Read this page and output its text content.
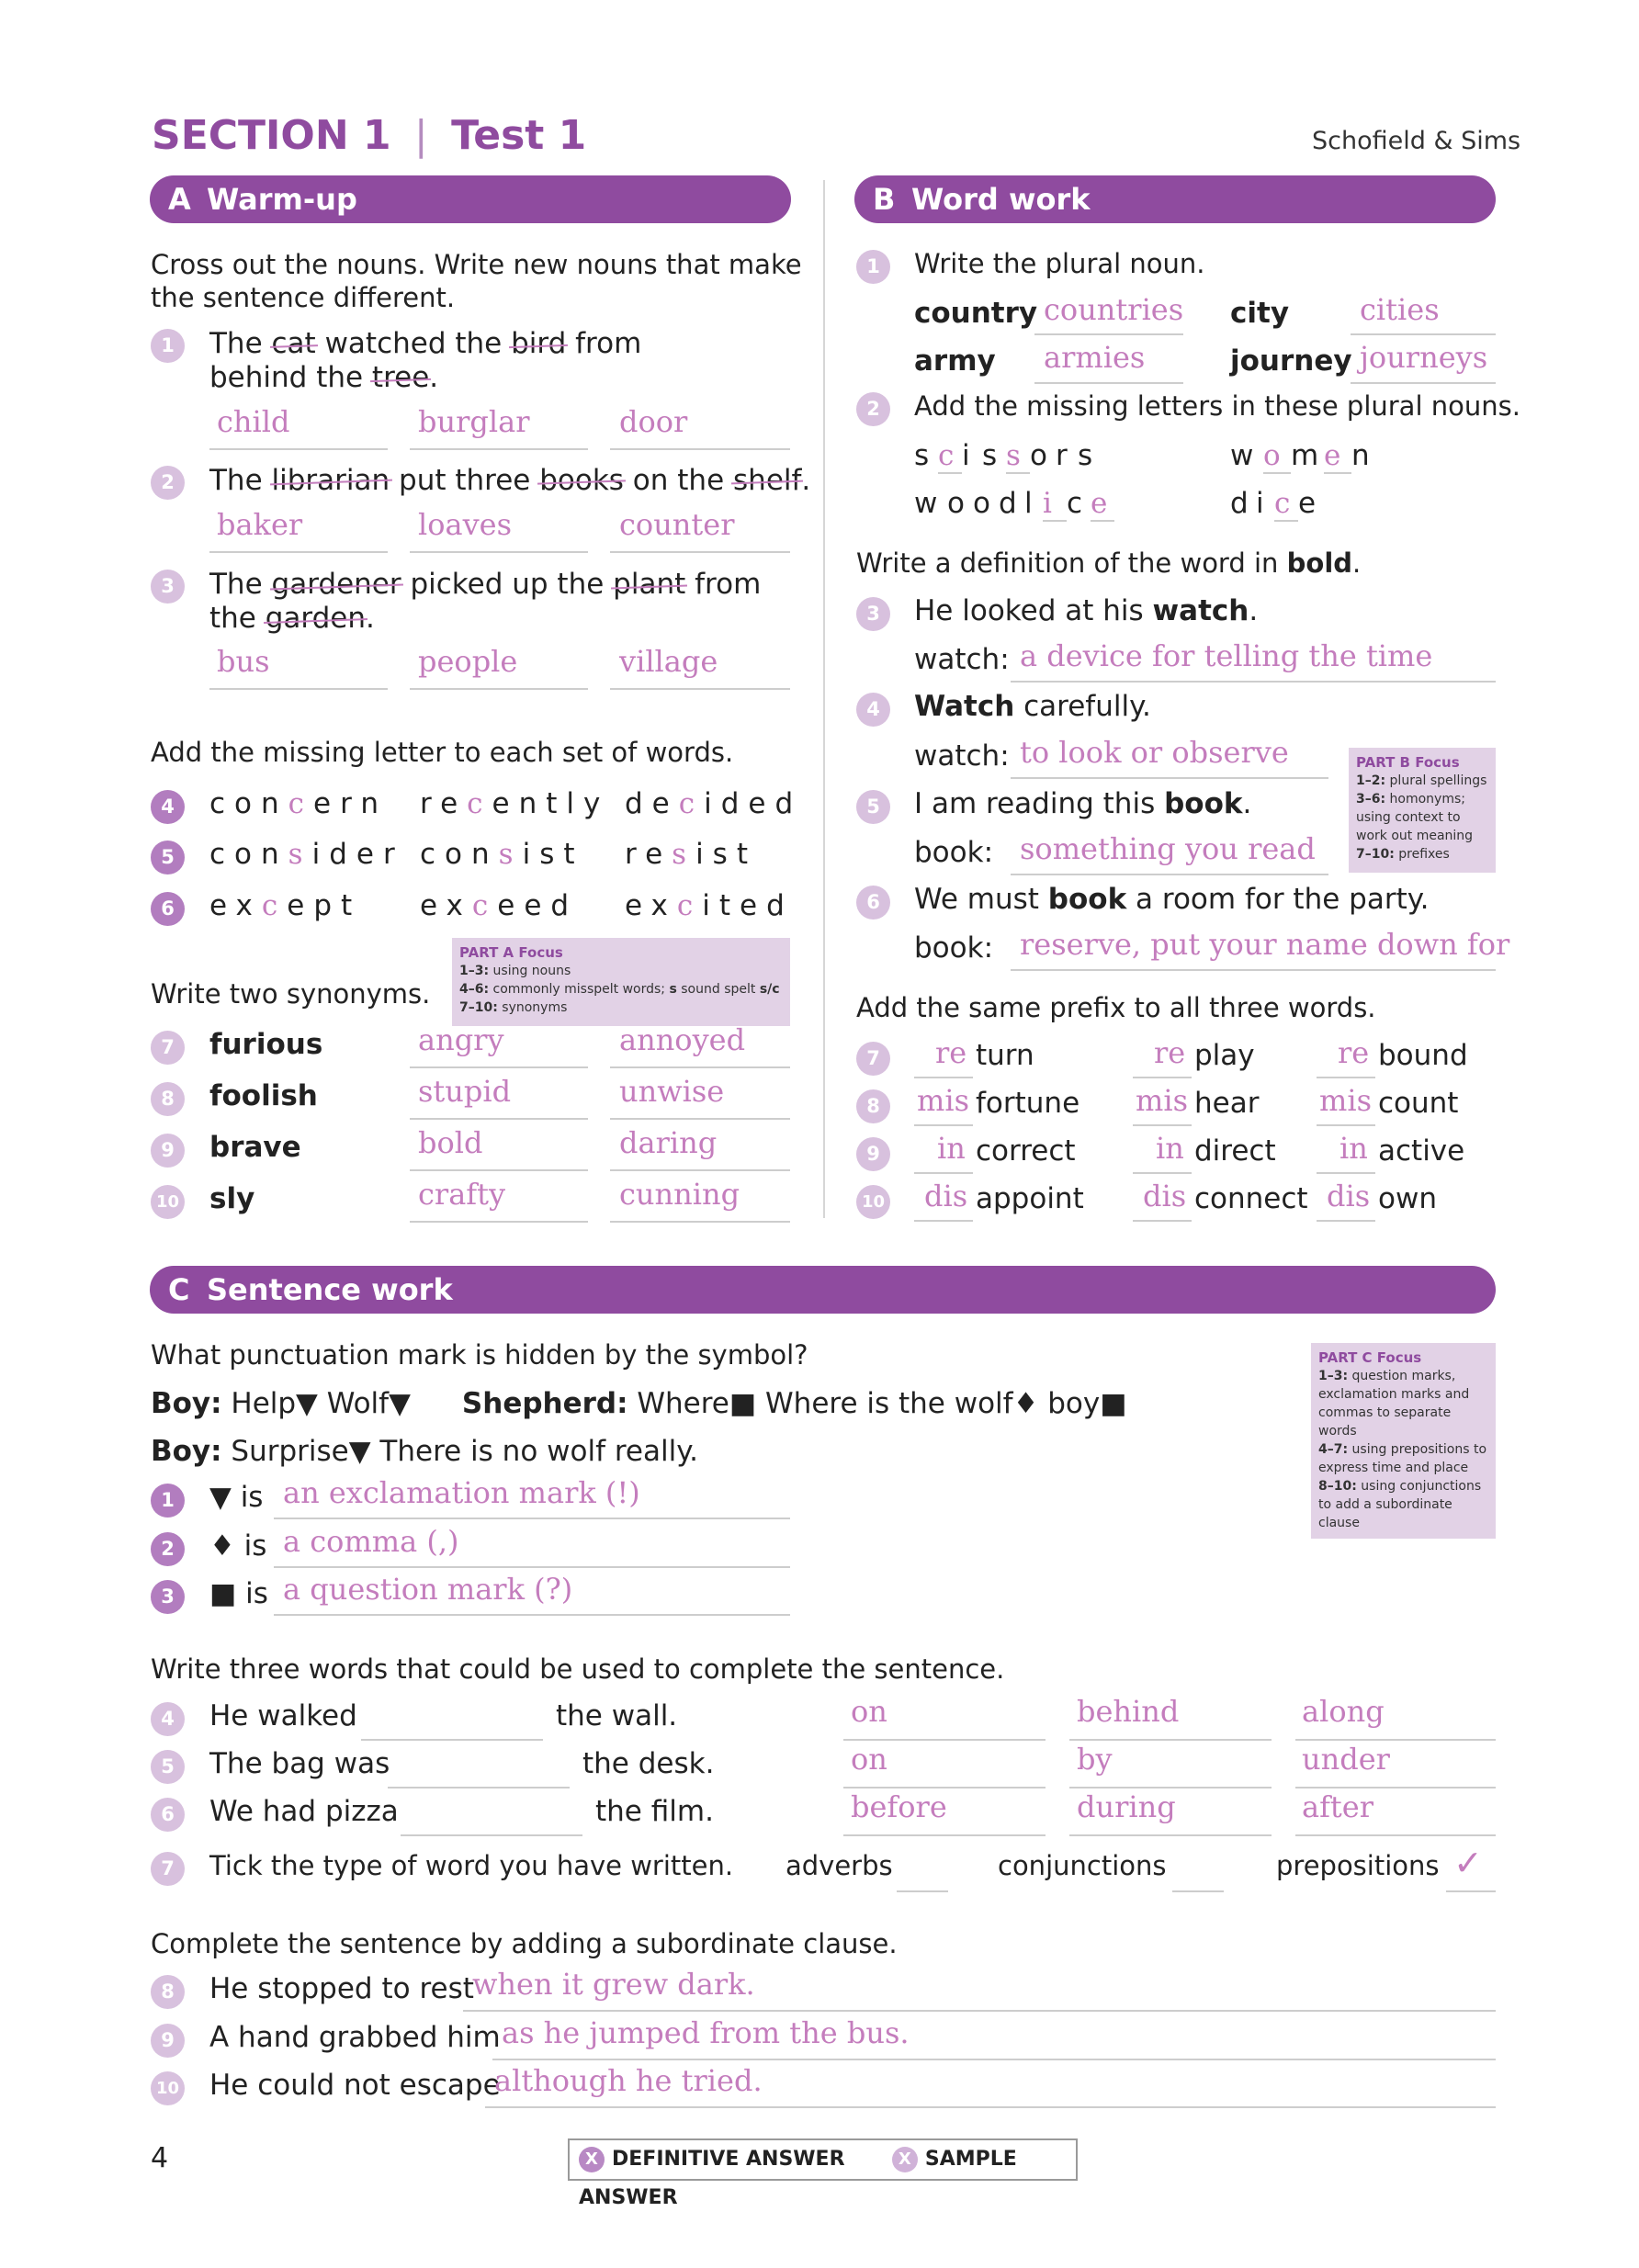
SECTION 1 | Test 1	Schofield & Sims
A Warm-up
Cross out the nouns. Write new nouns that make
the sentence different.
1	The cat watched the bird from
behind the tree.
child	burglar	door
2	The librarian put three books on the shelf.
baker	loaves	counter
3	The gardener picked up the plant from
the garden.
bus	people	village
Add the missing letter to each set of words.
4	concern recently decided
5	consider consist resist
6	except exceed excited
PART A Focus
1–3: using nouns
4–6: commonly misspelt words; s sound spelt s/c
7–10: synonyms
Write two synonyms.
7	furious	angry	annoyed
8	foolish	stupid	unwise
9	brave	bold	daring
10 sly	crafty	cunning
B Word work
1	Write the plural noun.
country countries city cities
army armies	journey journeys
2	Add the missing letters in these plural nouns.
s c i s s o r s	w o m e n
w o o d l i c e	d i c e
Write a definition of the word in bold.
3	He looked at his watch.
watch: a device for telling the time
4	Watch carefully.
watch: to look or observe	PART B Focus
1–2: plural spellings
3–6: homonyms; using context to work out meaning
7–10: prefixes
5	I am reading this book.
book: something you read
6	We must book a room for the party.
book: reserve, put your name down for
Add the same prefix to all three words.
7	re turn	re play	re bound
8	mis fortune mis hear mis count
9	in correct	in direct in active
10 dis appoint dis connect dis own
C Sentence work
What punctuation mark is hidden by the symbol?
Boy: Help▼ Wolf▼ Shepherd: Where■ Where is the wolf♦ boy■
Boy: Surprise▼ There is no wolf really.
1	▼ is an exclamation mark (!)
2	♦ is a comma (,)
3	■ is a question mark (?)
PART C Focus
1–3: question marks, exclamation marks and commas to separate words
4–7: using prepositions to express time and place
8–10: using conjunctions to add a subordinate clause
Write three words that could be used to complete the sentence.
4	He walked	the wall.	on	behind	along
5	The bag was	the desk.	on	by	under
6	We had pizza	the film.	before	during	after
7	Tick the type of word you have written. adverbs	conjunctions	prepositions ✓
Complete the sentence by adding a subordinate clause.
8	He stopped to rest
when it grew dark.
9	A hand grabbed him as he jumped from the bus.
10 He could not escape
although he tried.
4	X DEFINITIVE ANSWER	X SAMPLE ANSWER
